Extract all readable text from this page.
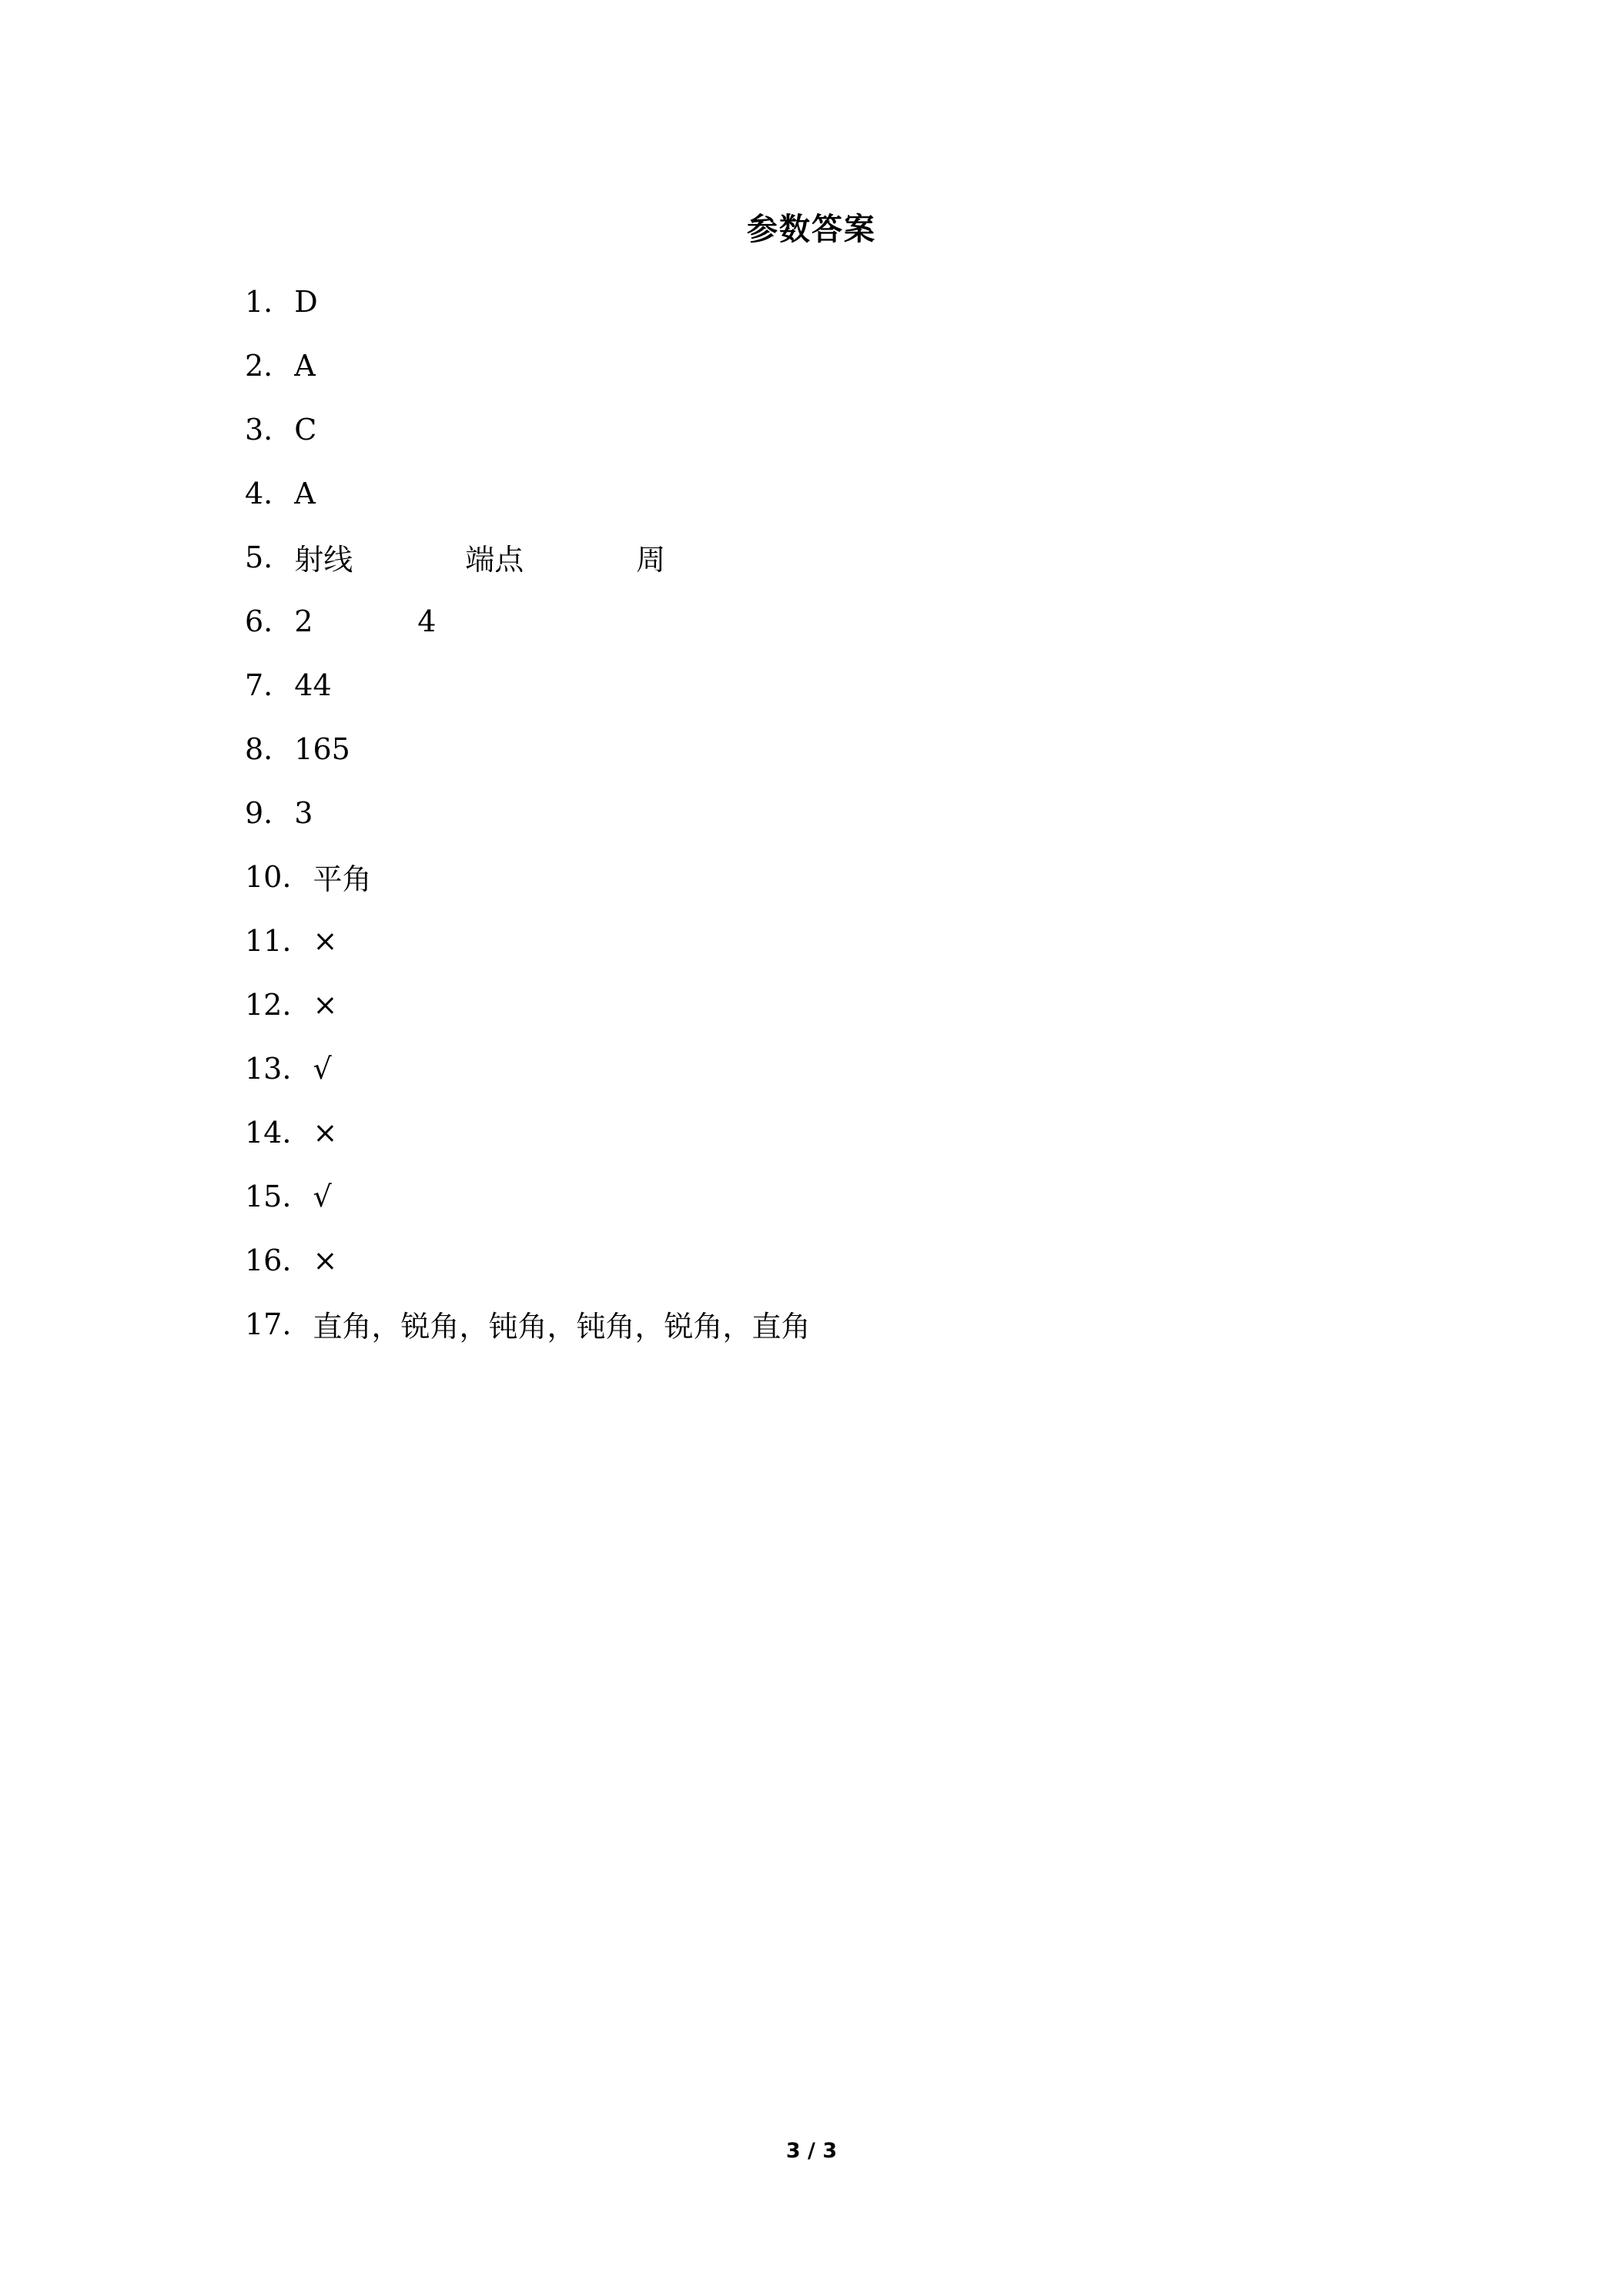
参数答案
1. D
2. A
3. C
4. A
5. 射线	端点	周
6. 2	4
7. 44
8. 165
9. 3
10. 平角
11. ×
12. ×
13. √
14. ×
15. √
16. ×
17. 直角，锐角，钝角，钝角，锐角，直角
3 / 3
